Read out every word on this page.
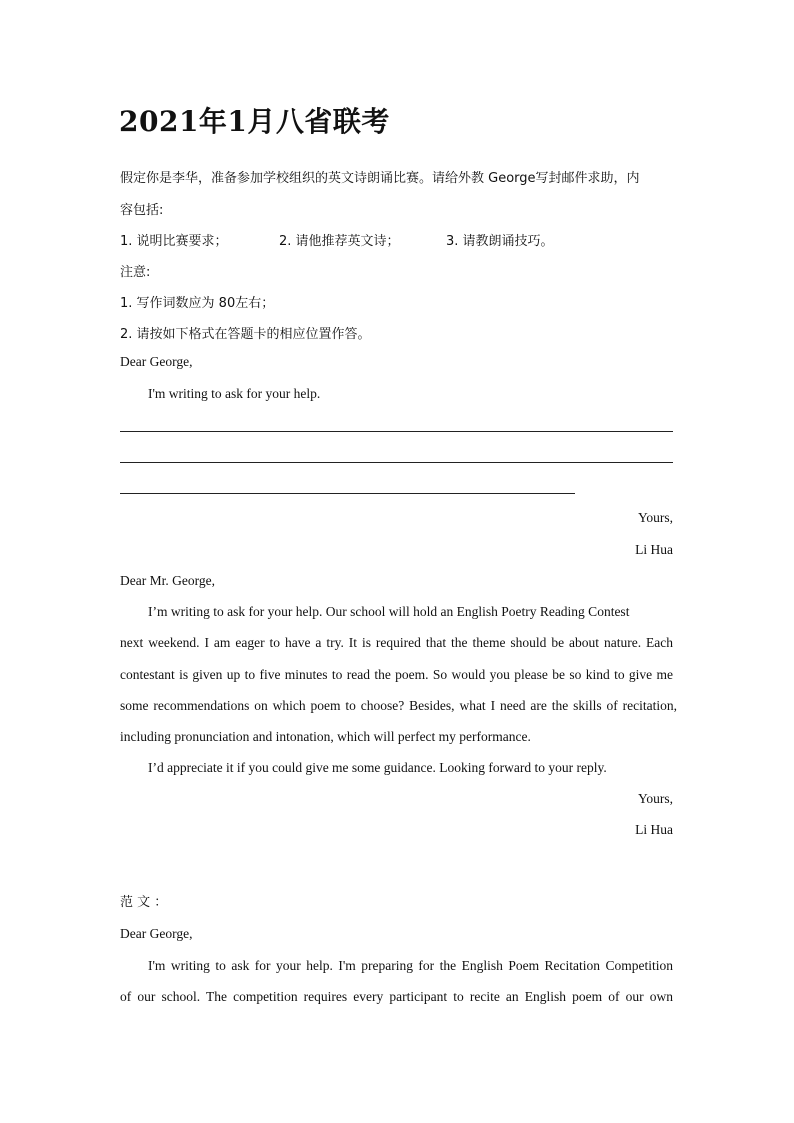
2021年1月八省联考
假定你是李华，准备参加学校组织的英文诗朗诵比赛。请给外教 George写封邮件求助，内
容包括:
1. 说明比赛要求；	2. 请他推荐英文诗；	3. 请教朗诵技巧。
注意:
1. 写作词数应为 80左右；
2. 请按如下格式在答题卡的相应位置作答。
Dear George,
I'm writing to ask for your help.
Yours,
Li Hua
Dear Mr. George,
I’m writing to ask for your help. Our school will hold an English Poetry Reading Contest
next weekend. I am eager to have a try. It is required that the theme should be about nature. Each
contestant is given up to five minutes to read the poem. So would you please be so kind to give me
some recommendations on which poem to choose? Besides, what I need are the skills of recitation,
including pronunciation and intonation, which will perfect my performance.
I’d appreciate it if you could give me some guidance. Looking forward to your reply.
Yours,
Li Hua
范 文 ：
Dear George,
I'm writing to ask for your help. I'm preparing for the English Poem Recitation Competition
of our school. The competition requires every participant to recite an English poem of our own
